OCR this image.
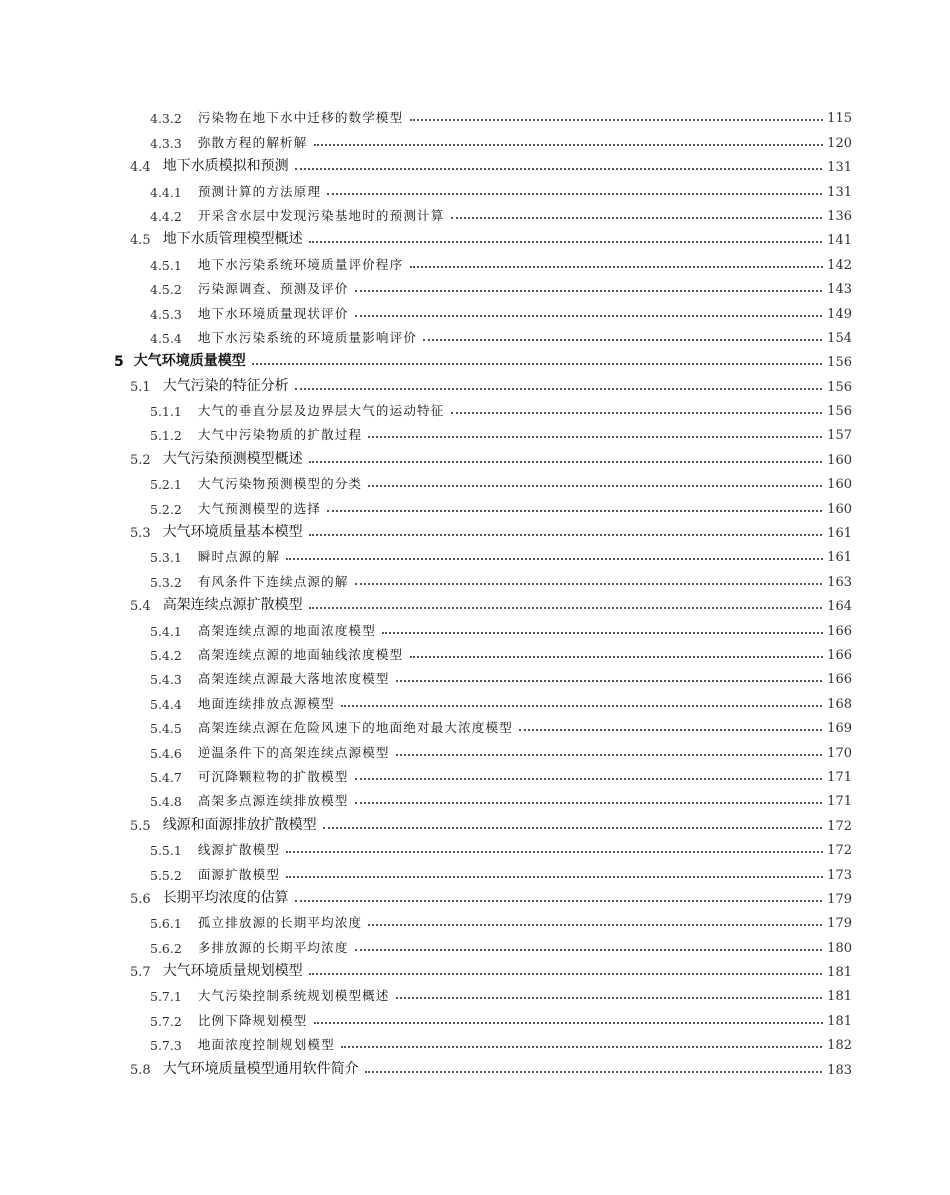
4.3.2 污染物在地下水中迁移的数学模型	115
4.3.3 弥散方程的解析解	120
4.4 地下水质模拟和预测	131
4.4.1 预测计算的方法原理	131
4.4.2 开采含水层中发现污染基地时的预测计算	136
4.5 地下水质管理模型概述	141
4.5.1 地下水污染系统环境质量评价程序	142
4.5.2 污染源调查、预测及评价	143
4.5.3 地下水环境质量现状评价	149
4.5.4 地下水污染系统的环境质量影响评价	154
5 大气环境质量模型	156
5.1 大气污染的特征分析	156
5.1.1 大气的垂直分层及边界层大气的运动特征	156
5.1.2 大气中污染物质的扩散过程	157
5.2 大气污染预测模型概述	160
5.2.1 大气污染物预测模型的分类	160
5.2.2 大气预测模型的选择	160
5.3 大气环境质量基本模型	161
5.3.1 瞬时点源的解	161
5.3.2 有风条件下连续点源的解	163
5.4 高架连续点源扩散模型	164
5.4.1 高架连续点源的地面浓度模型	166
5.4.2 高架连续点源的地面轴线浓度模型	166
5.4.3 高架连续点源最大落地浓度模型	166
5.4.4 地面连续排放点源模型	168
5.4.5 高架连续点源在危险风速下的地面绝对最大浓度模型	169
5.4.6 逆温条件下的高架连续点源模型	170
5.4.7 可沉降颗粒物的扩散模型	171
5.4.8 高架多点源连续排放模型	171
5.5 线源和面源排放扩散模型	172
5.5.1 线源扩散模型	172
5.5.2 面源扩散模型	173
5.6 长期平均浓度的估算	179
5.6.1 孤立排放源的长期平均浓度	179
5.6.2 多排放源的长期平均浓度	180
5.7 大气环境质量规划模型	181
5.7.1 大气污染控制系统规划模型概述	181
5.7.2 比例下降规划模型	181
5.7.3 地面浓度控制规划模型	182
5.8 大气环境质量模型通用软件简介	183
